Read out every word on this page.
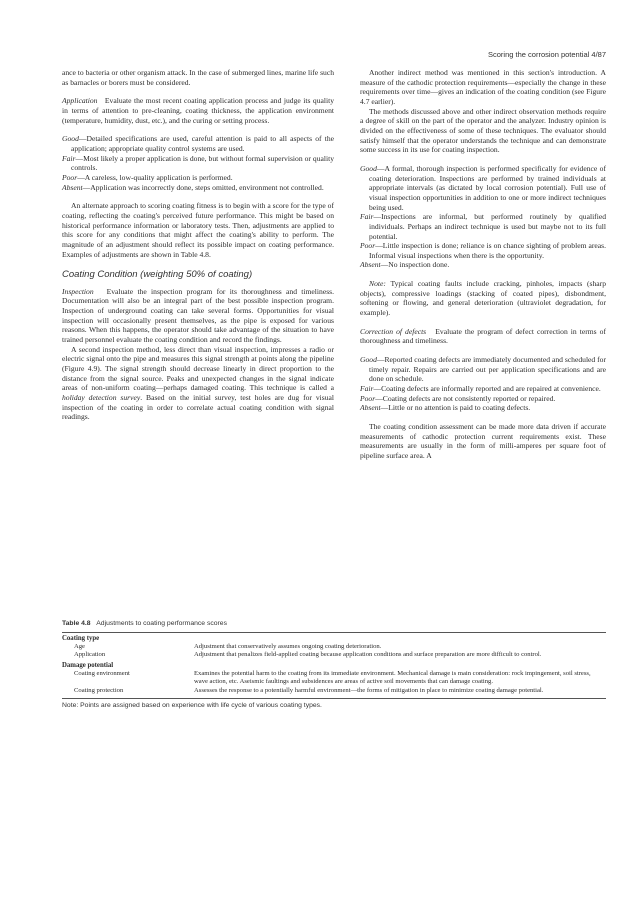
Scoring the corrosion potential 4/87

ance to bacteria or other organism attack. In the case of submerged lines, marine life such as barnacles or borers must be considered.

Application Evaluate the most recent coating application process and judge its quality in terms of attention to pre-cleaning, coating thickness, the application environment (temperature, humidity, dust, etc.), and the curing or setting process.

Good—Detailed specifications are used, careful attention is paid to all aspects of the application; appropriate quality control systems are used.

Fair—Most likely a proper application is done, but without formal supervision or quality controls.

Poor—A careless, low-quality application is performed.

Absent—Application was incorrectly done, steps omitted, environment not controlled.

An alternate approach to scoring coating fitness is to begin with a score for the type of coating, reflecting the coating's perceived future performance. This might be based on historical performance information or laboratory tests. Then, adjustments are applied to this score for any conditions that might affect the coating's ability to perform. The magnitude of an adjustment should reflect its possible impact on coating performance. Examples of adjustments are shown in Table 4.8.

Coating Condition (weighting 50% of coating)

Inspection Evaluate the inspection program for its thoroughness and timeliness. Documentation will also be an integral part of the best possible inspection program. Inspection of underground coating can take several forms. Opportunities for visual inspection will occasionally present themselves, as the pipe is exposed for various reasons. When this happens, the operator should take advantage of the situation to have trained personnel evaluate the coating condition and record the findings.

A second inspection method, less direct than visual inspection, impresses a radio or electric signal onto the pipe and measures this signal strength at points along the pipeline (Figure 4.9). The signal strength should decrease linearly in direct proportion to the distance from the signal source. Peaks and unexpected changes in the signal indicate areas of non-uniform coating—perhaps damaged coating. This technique is called a holiday detection survey. Based on the initial survey, test holes are dug for visual inspection of the coating in order to correlate actual coating condition with signal readings.

Another indirect method was mentioned in this section's introduction. A measure of the cathodic protection requirements—especially the change in these requirements over time—gives an indication of the coating condition (see Figure 4.7 earlier).

The methods discussed above and other indirect observation methods require a degree of skill on the part of the operator and the analyzer. Industry opinion is divided on the effectiveness of some of these techniques. The evaluator should satisfy himself that the operator understands the technique and can demonstrate some success in its use for coating inspection.

Good—A formal, thorough inspection is performed specifically for evidence of coating deterioration. Inspections are performed by trained individuals at appropriate intervals (as dictated by local corrosion potential). Full use of visual inspection opportunities in addition to one or more indirect techniques being used.

Fair—Inspections are informal, but performed routinely by qualified individuals. Perhaps an indirect technique is used but maybe not to its full potential.

Poor—Little inspection is done; reliance is on chance sighting of problem areas. Informal visual inspections when there is the opportunity.

Absent—No inspection done.

Note: Typical coating faults include cracking, pinholes, impacts (sharp objects), compressive loadings (stacking of coated pipes), disbondment, softening or flowing, and general deterioration (ultraviolet degradation, for example).

Correction of defects Evaluate the program of defect correction in terms of thoroughness and timeliness.

Good—Reported coating defects are immediately documented and scheduled for timely repair. Repairs are carried out per application specifications and are done on schedule.

Fair—Coating defects are informally reported and are repaired at convenience.

Poor—Coating defects are not consistently reported or repaired.

Absent—Little or no attention is paid to coating defects.

The coating condition assessment can be made more data driven if accurate measurements of cathodic protection current requirements exist. These measurements are usually in the form of milli-amperes per square foot of pipeline surface area. A

Table 4.8 Adjustments to coating performance scores
Coating type
Age	Adjustment that conservatively assumes ongoing coating deterioration.
Application	Adjustment that penalizes field-applied coating because application conditions and surface preparation are more difficult to control.
Damage potential
Coating environment	Examines the potential harm to the coating from its immediate environment. Mechanical damage is main consideration: rock impingement, soil stress, wave action, etc. Aseismic faultings and subsidences are areas of active soil movements that can damage coating.
Coating protection	Assesses the response to a potentially harmful environment—the forms of mitigation in place to minimize coating damage potential.
Note: Points are assigned based on experience with life cycle of various coating types.
